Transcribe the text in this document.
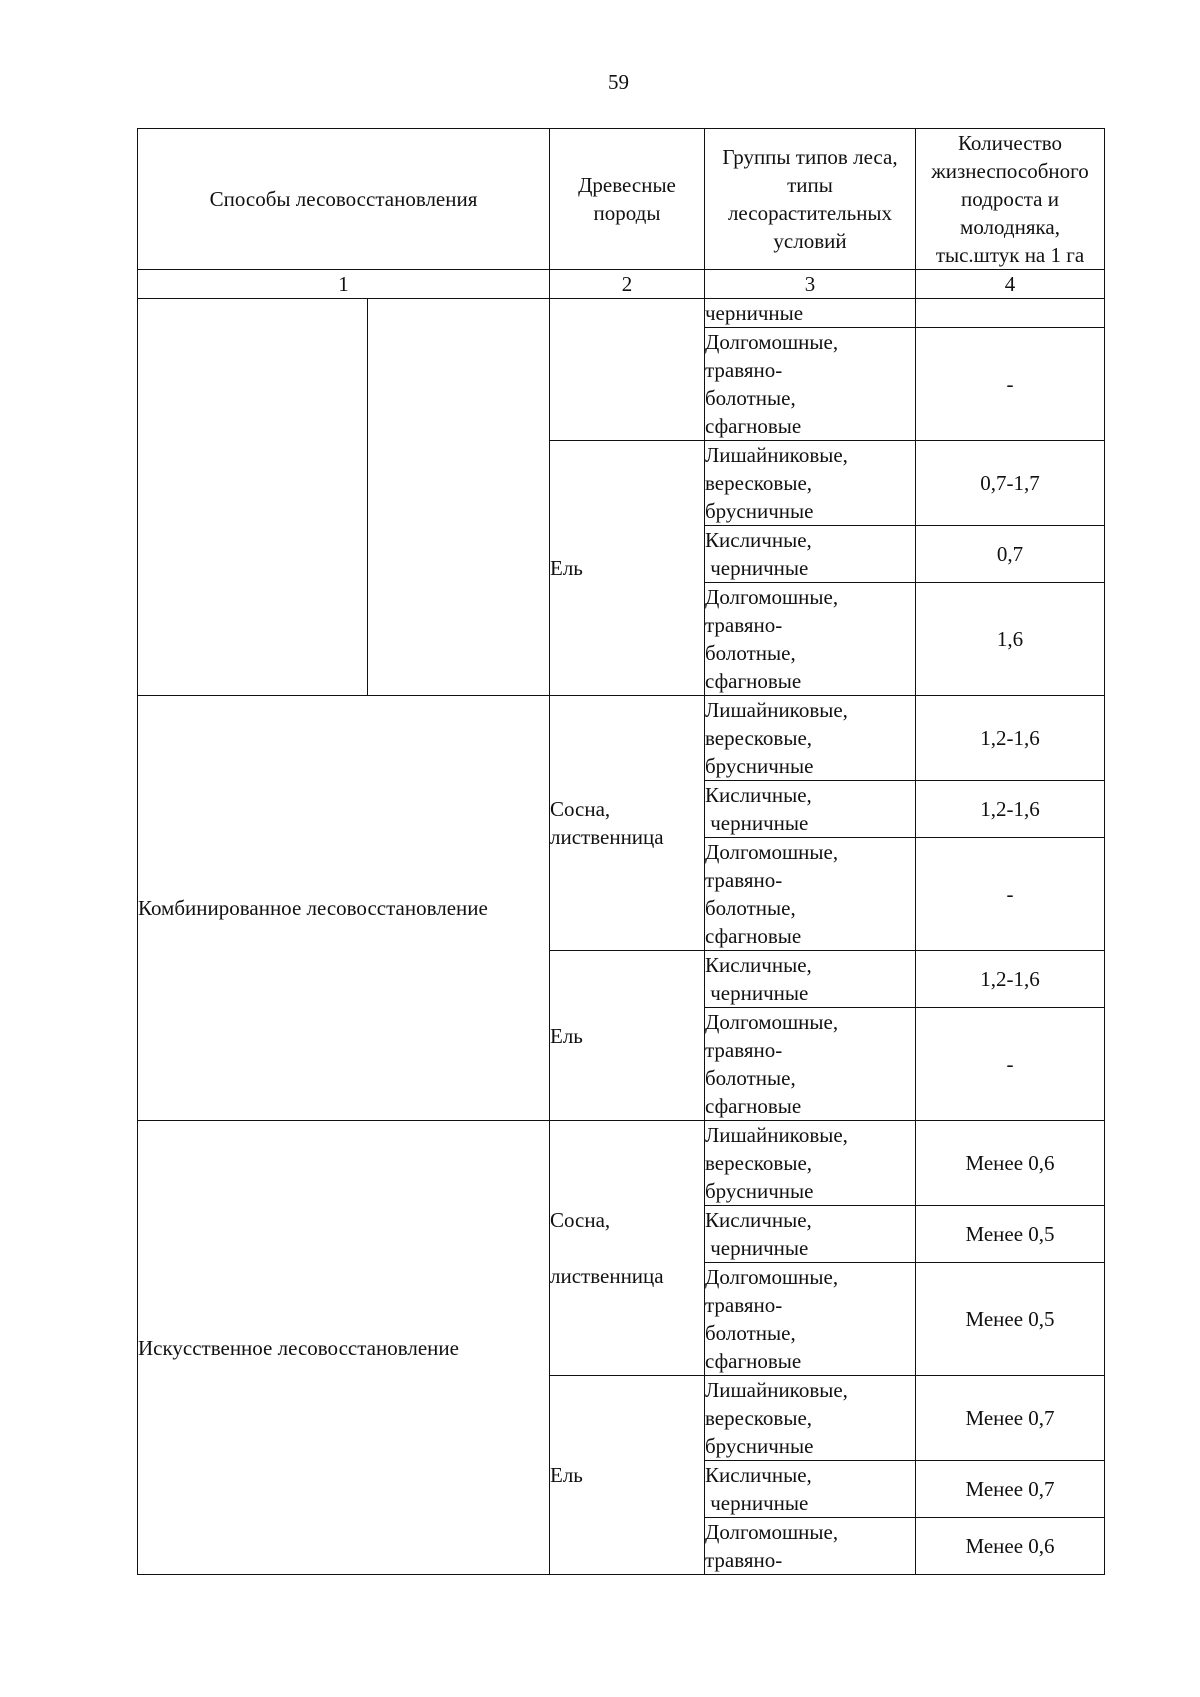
59
Способы лесовосстановления		Древесные породы	Группы типов леса, типы лесорастительных условий	Количество жизнеспособного подроста и молодняка, тыс.штук на 1 га
1		2	3	4
			черничные	
			Долгомошные,
травяно-
болотные,
сфагновые	-
		Ель	Лишайниковые,
вересковые,
брусничные	0,7-1,7
			Кисличные,
черничные	0,7
			Долгомошные,
травяно-
болотные,
сфагновые	1,6
Комбинированное лесовосстановление		Сосна,
лиственница	Лишайниковые,
вересковые,
брусничные	1,2-1,6
			Кисличные,
черничные	1,2-1,6
			Долгомошные,
травяно-
болотные,
сфагновые	-
		Ель	Кисличные,
черничные	1,2-1,6
			Долгомошные,
травяно-
болотные,
сфагновые	-
Искусственное лесовосстановление		Сосна,
лиственница	Лишайниковые,
вересковые,
брусничные	Менее 0,6
			Кисличные,
черничные	Менее 0,5
			Долгомошные,
травяно-
болотные,
сфагновые	Менее 0,5
		Ель	Лишайниковые,
вересковые,
брусничные	Менее 0,7
			Кисличные,
черничные	Менее 0,7
			Долгомошные,
травяно-	Менее 0,6
